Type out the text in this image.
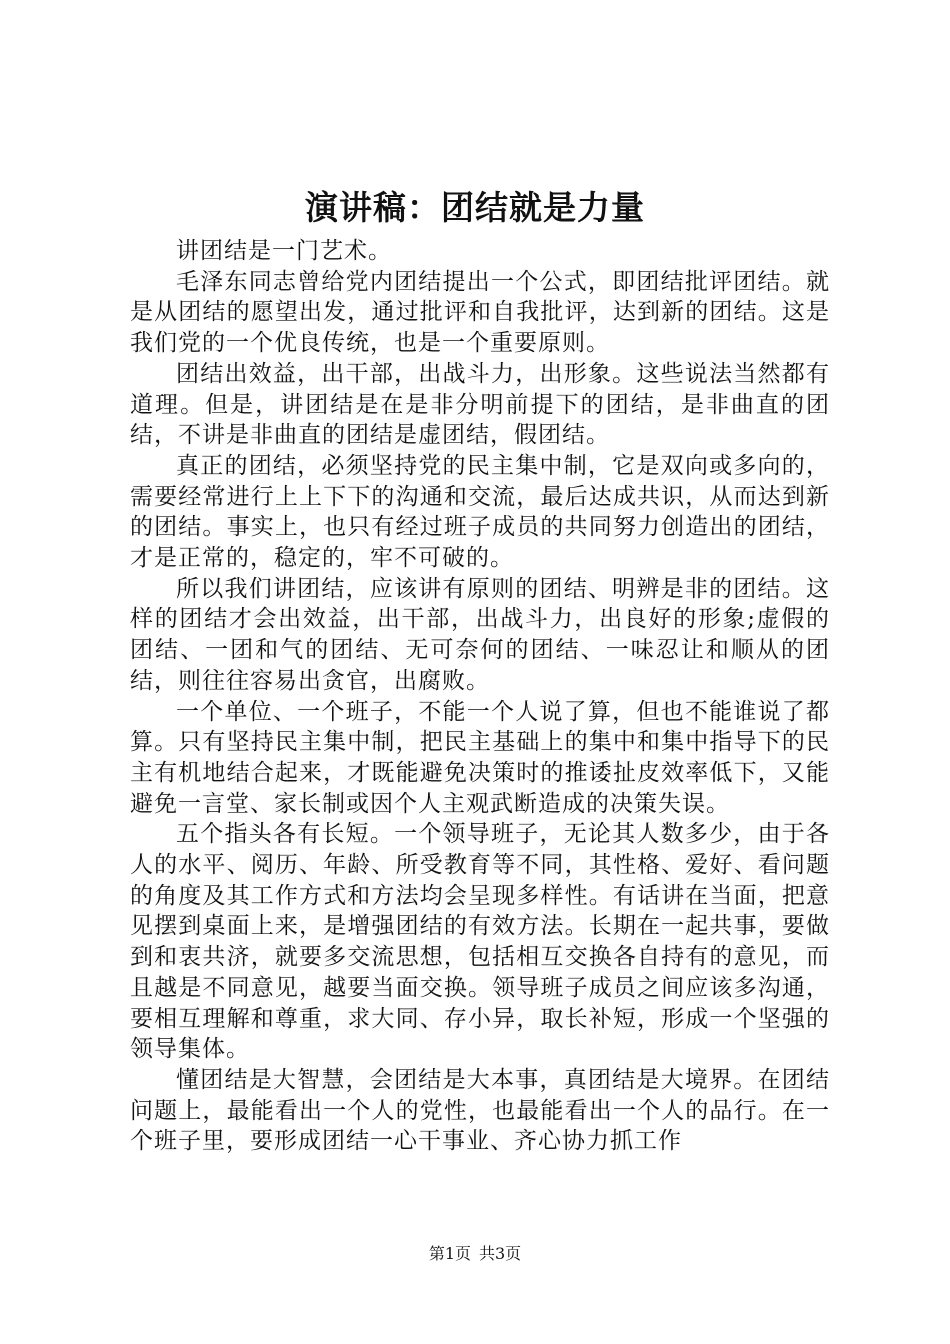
演讲稿：团结就是力量

讲团结是一门艺术。

毛泽东同志曾给党内团结提出一个公式，即团结批评团结。就是从团结的愿望出发，通过批评和自我批评，达到新的团结。这是我们党的一个优良传统，也是一个重要原则。

团结出效益，出干部，出战斗力，出形象。这些说法当然都有道理。但是，讲团结是在是非分明前提下的团结，是非曲直的团结，不讲是非曲直的团结是虚团结，假团结。

真正的团结，必须坚持党的民主集中制，它是双向或多向的，需要经常进行上上下下的沟通和交流，最后达成共识，从而达到新的团结。事实上，也只有经过班子成员的共同努力创造出的团结，才是正常的，稳定的，牢不可破的。

所以我们讲团结，应该讲有原则的团结、明辨是非的团结。这样的团结才会出效益，出干部，出战斗力，出良好的形象;虚假的团结、一团和气的团结、无可奈何的团结、一味忍让和顺从的团结，则往往容易出贪官，出腐败。

一个单位、一个班子，不能一个人说了算，但也不能谁说了都算。只有坚持民主集中制，把民主基础上的集中和集中指导下的民主有机地结合起来，才既能避免决策时的推诿扯皮效率低下，又能避免一言堂、家长制或因个人主观武断造成的决策失误。

五个指头各有长短。一个领导班子，无论其人数多少，由于各人的水平、阅历、年龄、所受教育等不同，其性格、爱好、看问题的角度及其工作方式和方法均会呈现多样性。有话讲在当面，把意见摆到桌面上来，是增强团结的有效方法。长期在一起共事，要做到和衷共济，就要多交流思想，包括相互交换各自持有的意见，而且越是不同意见，越要当面交换。领导班子成员之间应该多沟通，要相互理解和尊重，求大同、存小异，取长补短，形成一个坚强的领导集体。

懂团结是大智慧，会团结是大本事，真团结是大境界。在团结问题上，最能看出一个人的党性，也最能看出一个人的品行。在一个班子里，要形成团结一心干事业、齐心协力抓工作

第1页 共3页
